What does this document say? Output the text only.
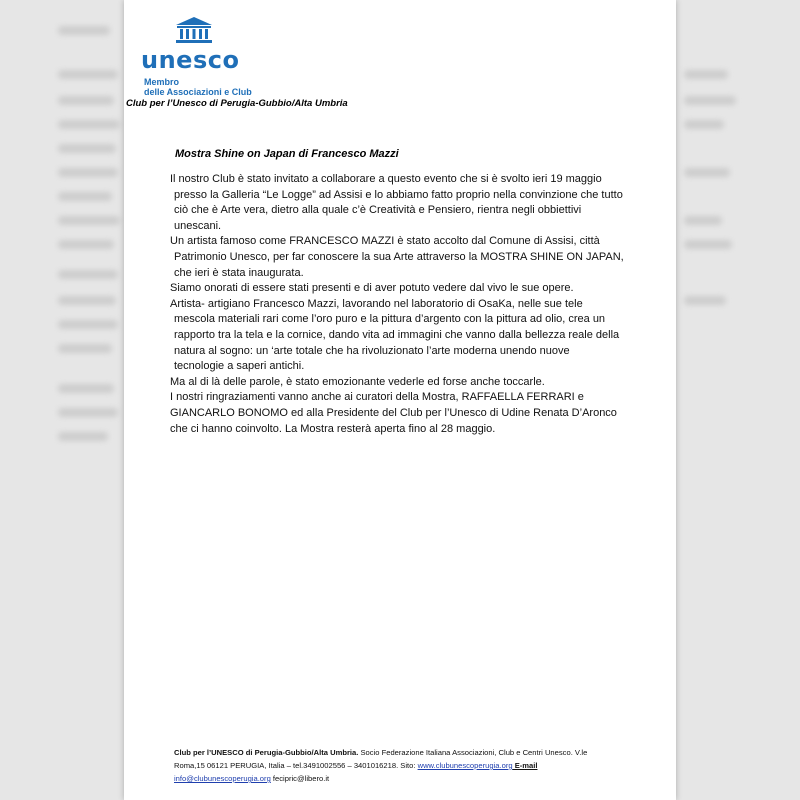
unesco
Membro
delle Associazioni e Club
Club per l’Unesco di Perugia-Gubbio/Alta Umbria
Mostra Shine on Japan di Francesco Mazzi
Il nostro Club è stato invitato a collaborare a questo evento che si è svolto ieri 19 maggio
presso la Galleria “Le Logge” ad Assisi e lo abbiamo fatto proprio nella convinzione che tutto
ciò che è Arte vera, dietro alla quale c’è Creatività e Pensiero, rientra negli obbiettivi
unescani.
Un artista famoso come FRANCESCO MAZZI è stato accolto dal Comune di Assisi, città
Patrimonio Unesco, per far conoscere la sua Arte attraverso la MOSTRA SHINE ON JAPAN,
che ieri è stata inaugurata.
Siamo onorati di essere stati presenti e di aver potuto vedere dal vivo le sue opere.
Artista- artigiano Francesco Mazzi, lavorando nel laboratorio di OsaKa, nelle sue tele
mescola materiali rari come l’oro puro e la pittura d’argento con la pittura ad olio, crea un
rapporto tra la tela e la cornice, dando vita ad immagini che vanno dalla bellezza reale della
natura al sogno: un ‘arte totale che ha rivoluzionato l’arte moderna unendo nuove
tecnologie a saperi antichi.
Ma al di là delle parole, è stato emozionante vederle ed forse anche toccarle.
I nostri ringraziamenti vanno anche ai curatori della Mostra, RAFFAELLA FERRARI e
GIANCARLO BONOMO ed alla Presidente del Club per l’Unesco di Udine Renata D’Aronco
che ci hanno coinvolto. La Mostra resterà aperta fino al 28 maggio.
Club per l’UNESCO di Perugia-Gubbio/Alta Umbria. Socio Federazione Italiana Associazioni, Club e Centri Unesco. V.le
Roma,15 06121 PERUGIA, Italia – tel.3491002556 – 3401016218. Sito: www.clubunescoperugia.org E-mail
info@clubunescoperugia.org fecipric@libero.it
